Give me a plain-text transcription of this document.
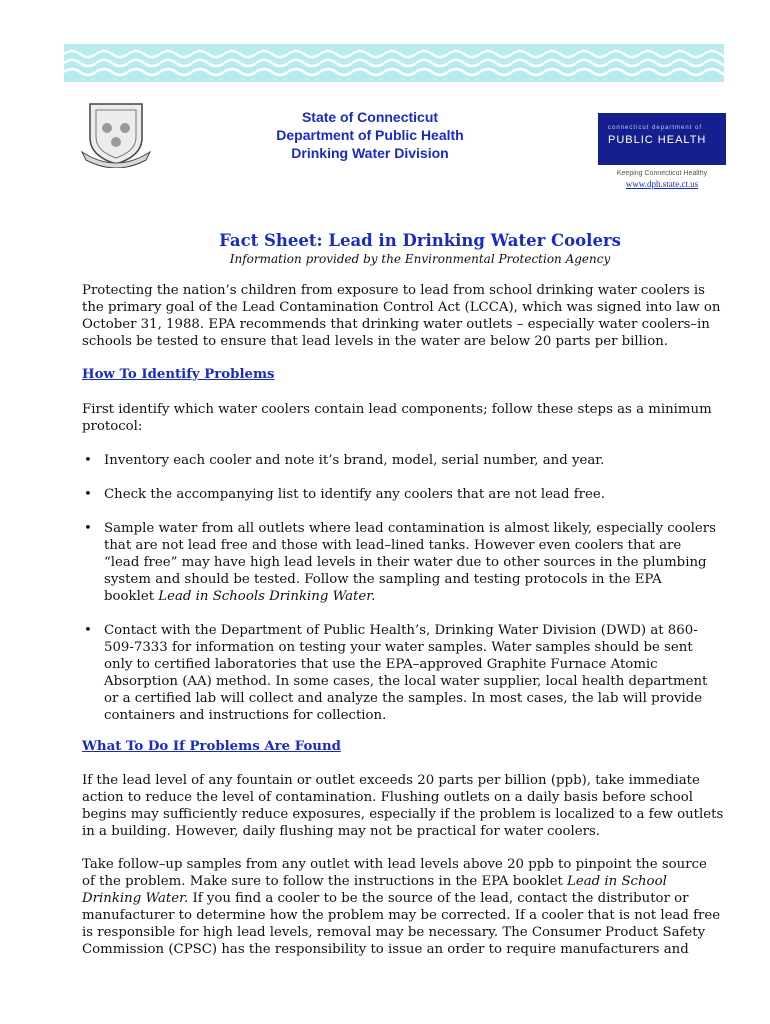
State of Connecticut
Department of Public Health
Drinking Water Division
connecticut department of
PUBLIC HEALTH
Keeping Connecticut Healthy
www.dph.state.ct.us
Fact Sheet: Lead in Drinking Water Coolers
Information provided by the Environmental Protection Agency
Protecting the nation’s children from exposure to lead from school drinking water coolers is
the primary goal of the Lead Contamination Control Act (LCCA), which was signed into law on
October 31, 1988. EPA recommends that drinking water outlets – especially water coolers–in
schools be tested to ensure that lead levels in the water are below 20 parts per billion.
How To Identify Problems
First identify which water coolers contain lead components; follow these steps as a minimum
protocol:
• Inventory each cooler and note it’s brand, model, serial number, and year.
• Check the accompanying list to identify any coolers that are not lead free.
• Sample water from all outlets where lead contamination is almost likely, especially coolers
that are not lead free and those with lead–lined tanks. However even coolers that are
“lead free” may have high lead levels in their water due to other sources in the plumbing
system and should be tested. Follow the sampling and testing protocols in the EPA
booklet Lead in Schools Drinking Water.
• Contact with the Department of Public Health’s, Drinking Water Division (DWD) at 860-
509-7333 for information on testing your water samples. Water samples should be sent
only to certified laboratories that use the EPA–approved Graphite Furnace Atomic
Absorption (AA) method. In some cases, the local water supplier, local health department
or a certified lab will collect and analyze the samples. In most cases, the lab will provide
containers and instructions for collection.
What To Do If Problems Are Found
If the lead level of any fountain or outlet exceeds 20 parts per billion (ppb), take immediate
action to reduce the level of contamination. Flushing outlets on a daily basis before school
begins may sufficiently reduce exposures, especially if the problem is localized to a few outlets
in a building. However, daily flushing may not be practical for water coolers.
Take follow–up samples from any outlet with lead levels above 20 ppb to pinpoint the source
of the problem. Make sure to follow the instructions in the EPA booklet Lead in School
Drinking Water. If you find a cooler to be the source of the lead, contact the distributor or
manufacturer to determine how the problem may be corrected. If a cooler that is not lead free
is responsible for high lead levels, removal may be necessary. The Consumer Product Safety
Commission (CPSC) has the responsibility to issue an order to require manufacturers and
